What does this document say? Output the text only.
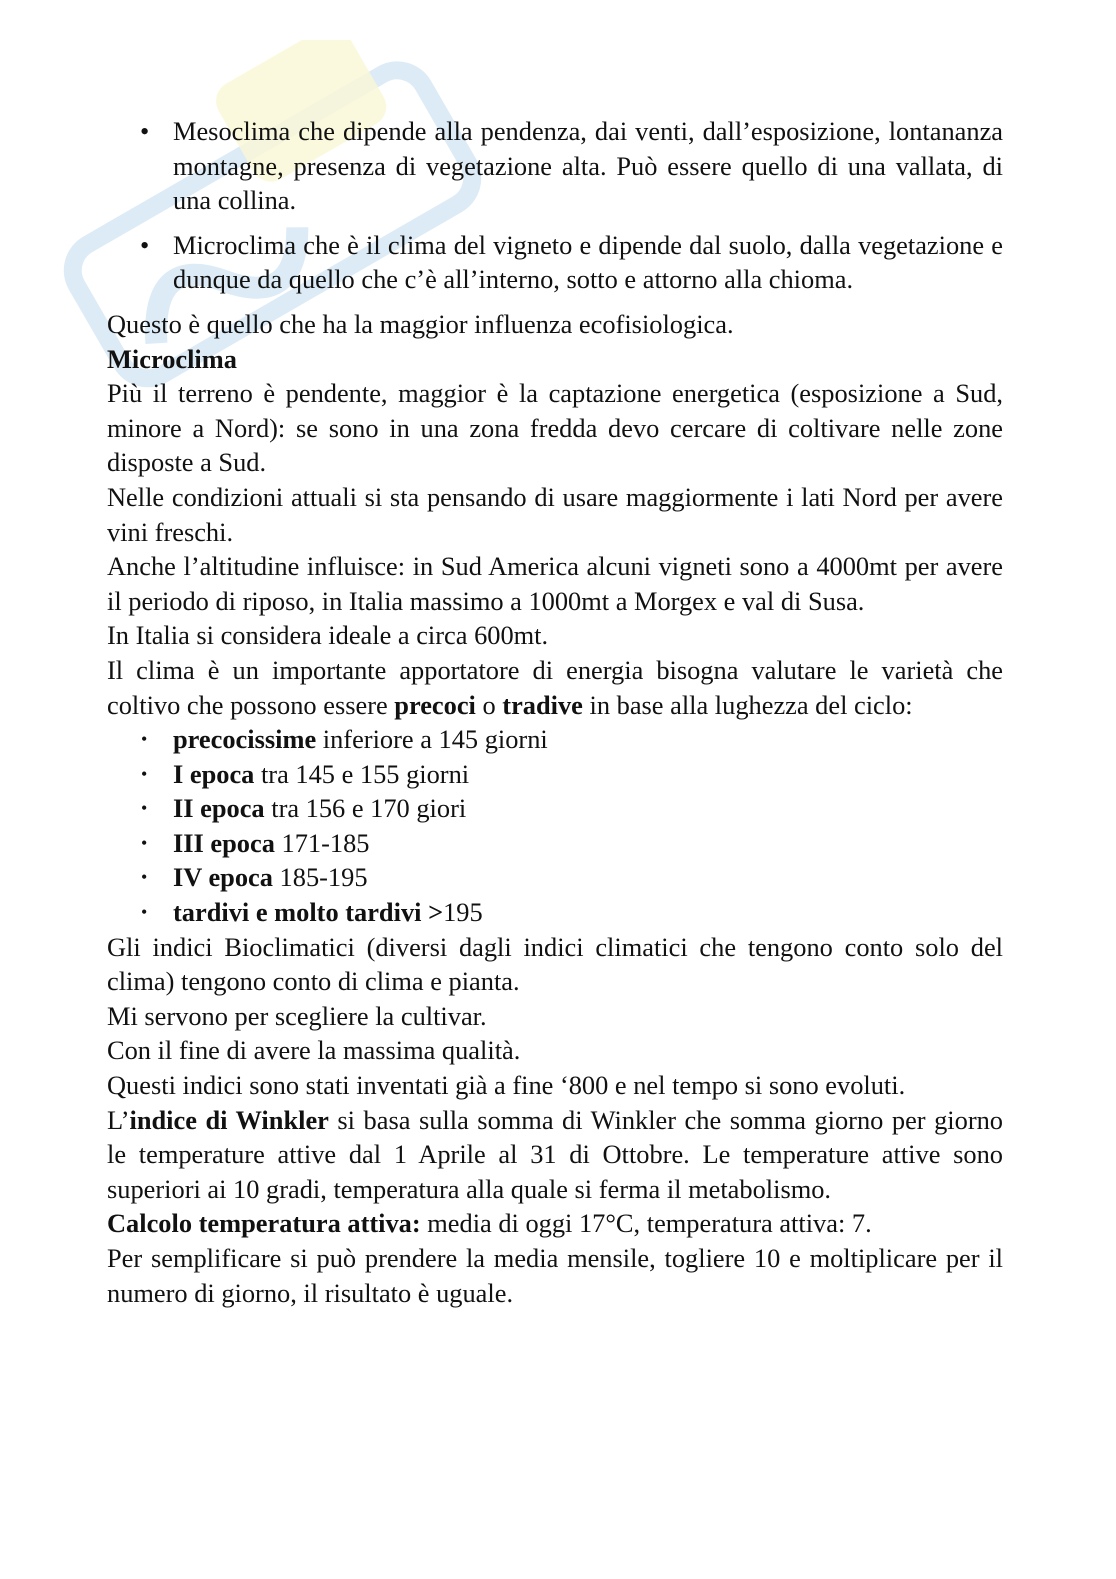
• Mesoclima che dipende alla pendenza, dai venti, dall’esposizione, lontananza montagne, presenza di vegetazione alta. Può essere quello di una vallata, di una collina.
• Microclima che è il clima del vigneto e dipende dal suolo, dalla vegetazione e dunque da quello che c’è all’interno, sotto e attorno alla chioma.

Questo è quello che ha la maggior influenza ecofisiologica.

Microclima

Più il terreno è pendente, maggior è la captazione energetica (esposizione a Sud, minore a Nord): se sono in una zona fredda devo cercare di coltivare nelle zone disposte a Sud.

Nelle condizioni attuali si sta pensando di usare maggiormente i lati Nord per avere vini freschi.

Anche l’altitudine influisce: in Sud America alcuni vigneti sono a 4000mt per avere il periodo di riposo, in Italia massimo a 1000mt a Morgex e val di Susa.

In Italia si considera ideale a circa 600mt.

Il clima è un importante apportatore di energia bisogna valutare le varietà che coltivo che possono essere precoci o tradive in base alla lughezza del ciclo:

• precocissime inferiore a 145 giorni
• I epoca tra 145 e 155 giorni
• II epoca tra 156 e 170 giori
• III epoca 171-185
• IV epoca 185-195
• tardivi e molto tardivi >195

Gli indici Bioclimatici (diversi dagli indici climatici che tengono conto solo del clima) tengono conto di clima e pianta.

Mi servono per scegliere la cultivar.

Con il fine di avere la massima qualità.

Questi indici sono stati inventati già a fine ‘800 e nel tempo si sono evoluti.

L’indice di Winkler si basa sulla somma di Winkler che somma giorno per giorno le temperature attive dal 1 Aprile al 31 di Ottobre. Le temperature attive sono superiori ai 10 gradi, temperatura alla quale si ferma il metabolismo.

Calcolo temperatura attiva: media di oggi 17°C, temperatura attiva: 7.

Per semplificare si può prendere la media mensile, togliere 10 e moltiplicare per il numero di giorno, il risultato è uguale.
